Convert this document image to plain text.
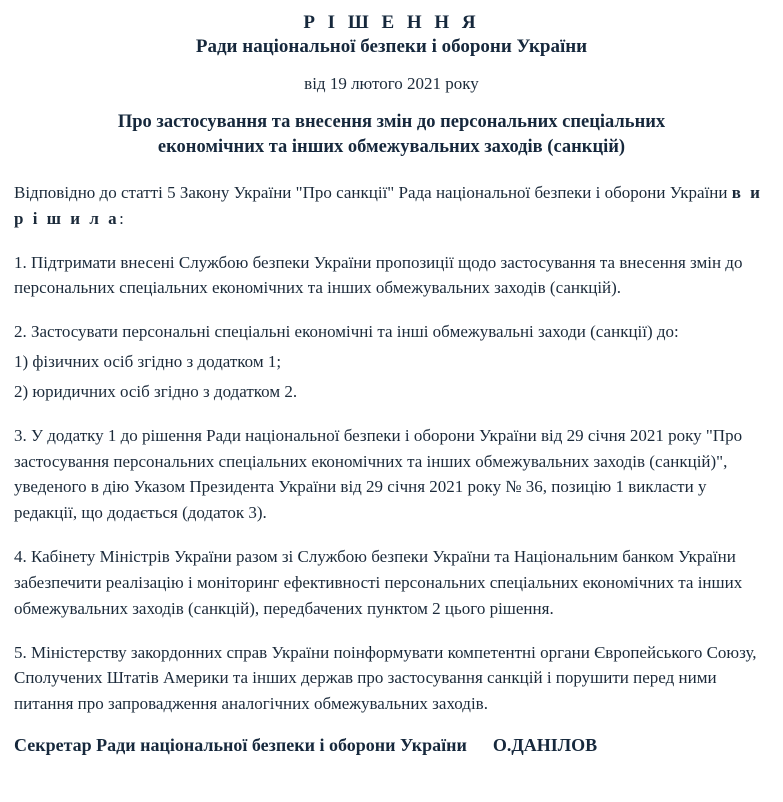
Р І Ш Е Н Н Я
Ради національної безпеки і оборони України
від 19 лютого 2021 року
Про застосування та внесення змін до персональних спеціальних
економічних та інших обмежувальних заходів (санкцій)

Відповідно до статті 5 Закону України "Про санкції" Рада національної безпеки і оборони України в и р і ш и л а:

1. Підтримати внесені Службою безпеки України пропозиції щодо застосування та внесення змін до персональних спеціальних економічних та інших обмежувальних заходів (санкцій).

2. Застосувати персональні спеціальні економічні та інші обмежувальні заходи (санкції) до:

1) фізичних осіб згідно з додатком 1;

2) юридичних осіб згідно з додатком 2.

3. У додатку 1 до рішення Ради національної безпеки і оборони України від 29 січня 2021 року "Про застосування персональних спеціальних економічних та інших обмежувальних заходів (санкцій)", уведеного в дію Указом Президента України від 29 січня 2021 року № 36, позицію 1 викласти у редакції, що додається (додаток 3).

4. Кабінету Міністрів України разом зі Службою безпеки України та Національним банком України забезпечити реалізацію і моніторинг ефективності персональних спеціальних економічних та інших обмежувальних заходів (санкцій), передбачених пунктом 2 цього рішення.

5. Міністерству закордонних справ України поінформувати компетентні органи Європейського Союзу, Сполучених Штатів Америки та інших держав про застосування санкцій і порушити перед ними питання про запровадження аналогічних обмежувальних заходів.

Секретар Ради національної безпеки і оборони України О.ДАНІЛОВ
